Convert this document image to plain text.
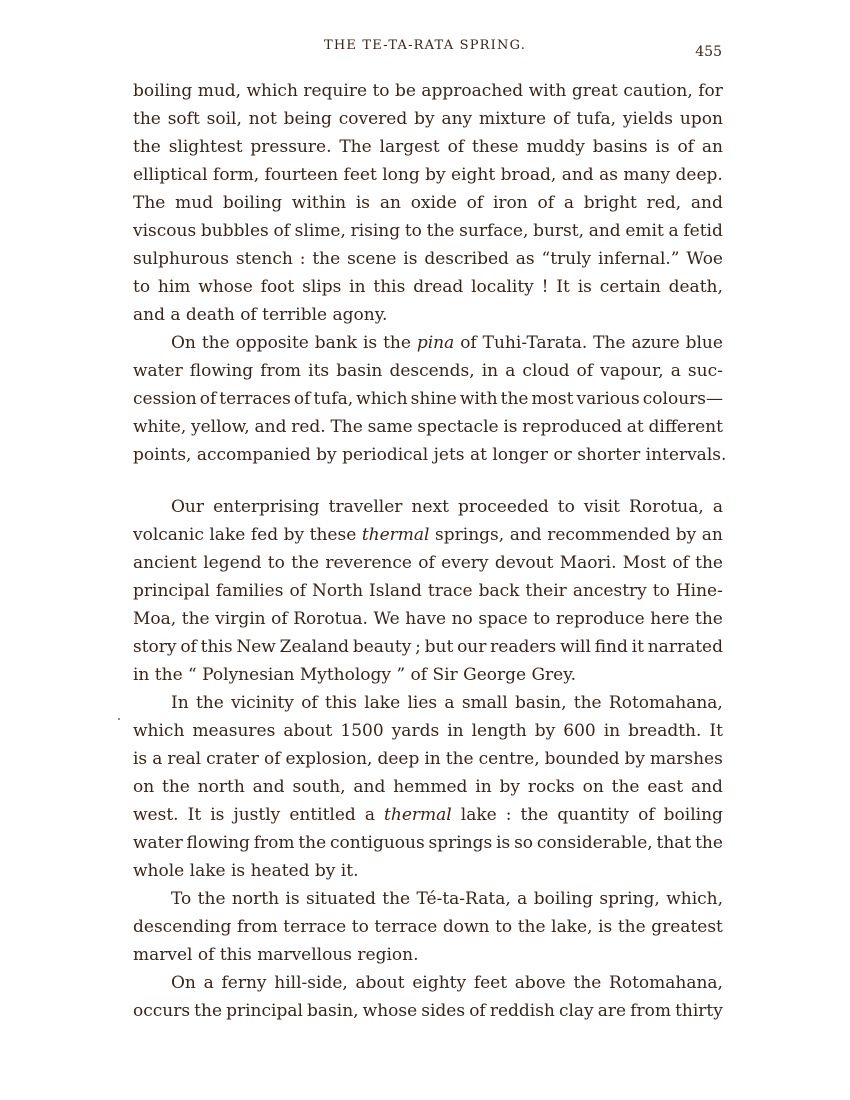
THE TE-TA-RATA SPRING.	455
boiling mud, which require to be approached with great caution, for
the soft soil, not being covered by any mixture of tufa, yields upon
the slightest pressure. The largest of these muddy basins is of an
elliptical form, fourteen feet long by eight broad, and as many deep.
The mud boiling within is an oxide of iron of a bright red, and
viscous bubbles of slime, rising to the surface, burst, and emit a fetid
sulphurous stench : the scene is described as “truly infernal.” Woe
to him whose foot slips in this dread locality ! It is certain death,
and a death of terrible agony.
On the opposite bank is the pina of Tuhi-Tarata. The azure blue
water flowing from its basin descends, in a cloud of vapour, a suc-
cession of terraces of tufa, which shine with the most various colours—
white, yellow, and red. The same spectacle is reproduced at different
points, accompanied by periodical jets at longer or shorter intervals.
Our enterprising traveller next proceeded to visit Rorotua, a
volcanic lake fed by these thermal springs, and recommended by an
ancient legend to the reverence of every devout Maori. Most of the
principal families of North Island trace back their ancestry to Hine-
Moa, the virgin of Rorotua. We have no space to reproduce here the
story of this New Zealand beauty ; but our readers will find it narrated
in the “ Polynesian Mythology ” of Sir George Grey.
In the vicinity of this lake lies a small basin, the Rotomahana,
which measures about 1500 yards in length by 600 in breadth. It
is a real crater of explosion, deep in the centre, bounded by marshes
on the north and south, and hemmed in by rocks on the east and
west. It is justly entitled a thermal lake : the quantity of boiling
water flowing from the contiguous springs is so considerable, that the
whole lake is heated by it.
To the north is situated the Té-ta-Rata, a boiling spring, which,
descending from terrace to terrace down to the lake, is the greatest
marvel of this marvellous region.
On a ferny hill-side, about eighty feet above the Rotomahana,
occurs the principal basin, whose sides of reddish clay are from thirty
